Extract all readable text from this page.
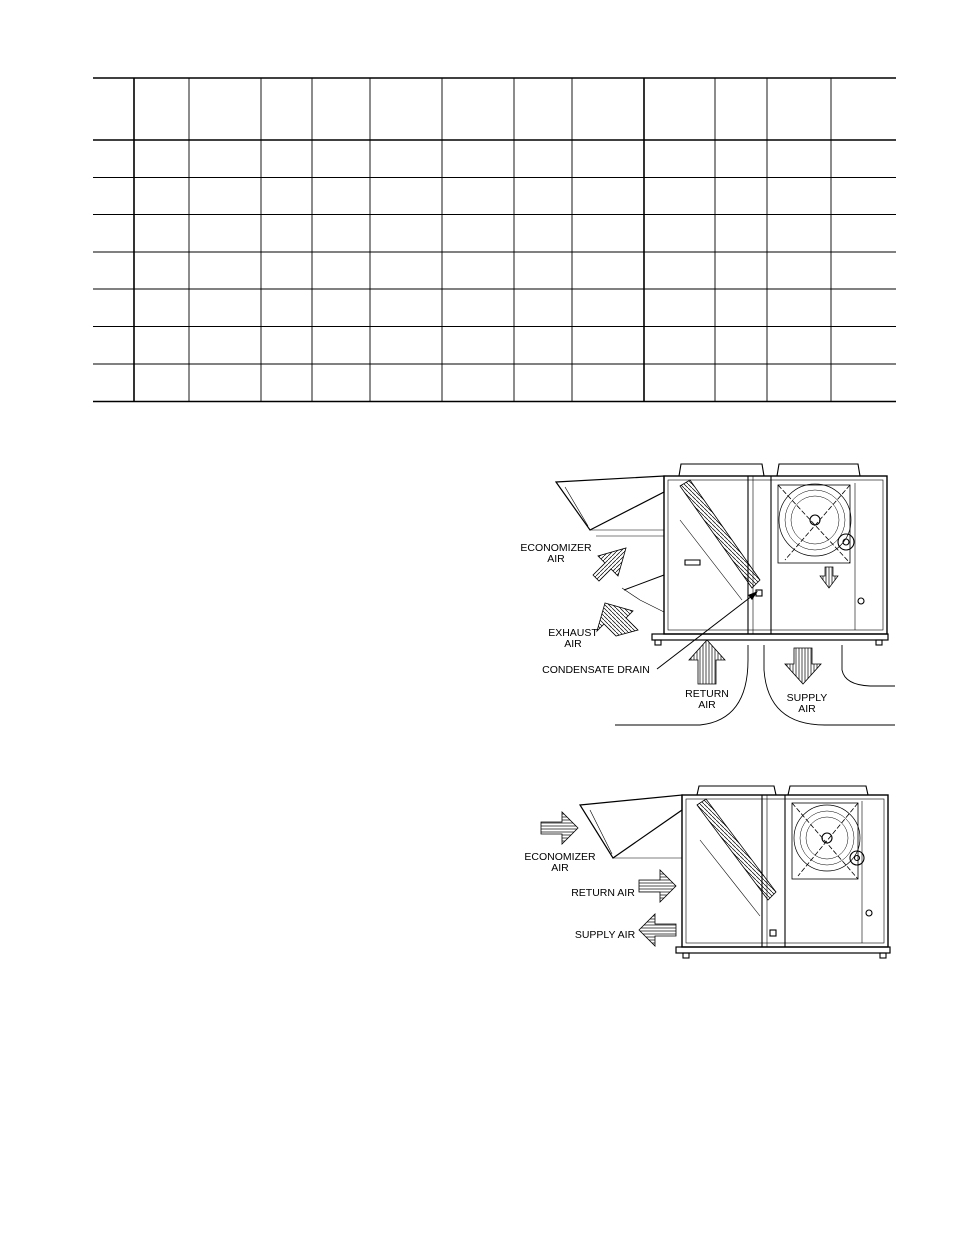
ECONOMIZER
AIR
EXHAUST
AIR
CONDENSATE DRAIN
RETURN
AIR
SUPPLY
AIR
ECONOMIZER
AIR
RETURN AIR
SUPPLY AIR
